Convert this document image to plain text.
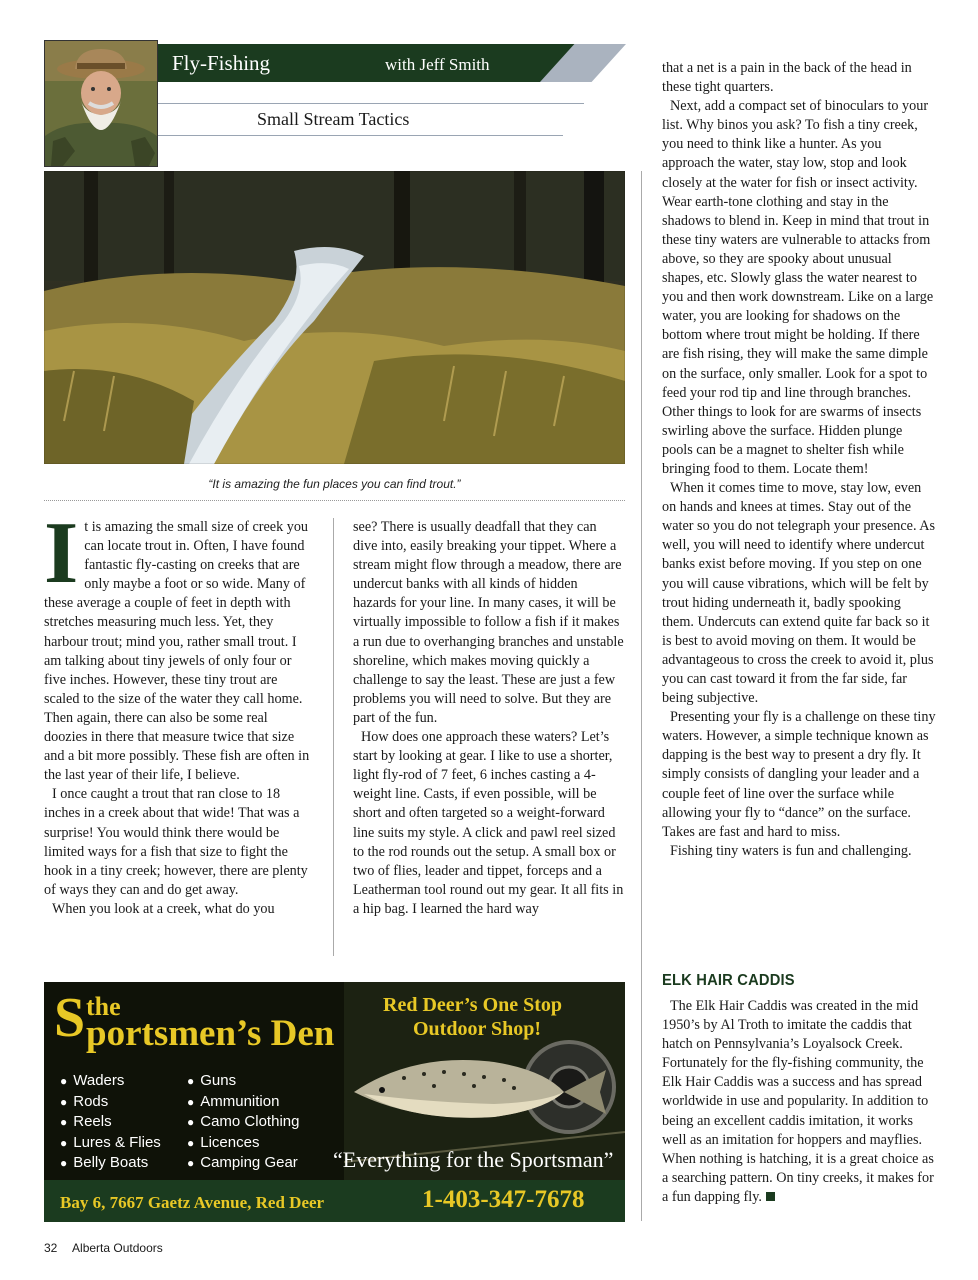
Fly-Fishing	with Jeff Smith
Small Stream Tactics
“It is amazing the fun places you can find trout.”
I t is amazing the small size of creek you can locate trout in. Often, I have found fantastic fly-casting on creeks that are only maybe a foot or so wide. Many of these average a couple of feet in depth with stretches measuring much less. Yet, they harbour trout; mind you, rather small trout. I am talking about tiny jewels of only four or five inches. However, these tiny trout are scaled to the size of the water they call home. Then again, there can also be some real doozies in there that measure twice that size and a bit more possibly. These fish are often in the last year of their life, I believe.

I once caught a trout that ran close to 18 inches in a creek about that wide! That was a surprise! You would think there would be limited ways for a fish that size to fight the hook in a tiny creek; however, there are plenty of ways they can and do get away.

When you look at a creek, what do you

see? There is usually deadfall that they can dive into, easily breaking your tippet. Where a stream might flow through a meadow, there are undercut banks with all kinds of hidden hazards for your line. In many cases, it will be virtually impossible to follow a fish if it makes a run due to overhanging branches and unstable shoreline, which makes moving quickly a challenge to say the least. These are just a few problems you will need to solve. But they are part of the fun.

How does one approach these waters? Let’s start by looking at gear. I like to use a shorter, light fly-rod of 7 feet, 6 inches casting a 4-weight line. Casts, if even possible, will be short and often targeted so a weight-forward line suits my style. A click and pawl reel sized to the rod rounds out the setup. A small box or two of flies, leader and tippet, forceps and a Leatherman tool round out my gear. It all fits in a hip bag. I learned the hard way

that a net is a pain in the back of the head in these tight quarters.

Next, add a compact set of binoculars to your list. Why binos you ask? To fish a tiny creek, you need to think like a hunter. As you approach the water, stay low, stop and look closely at the water for fish or insect activity. Wear earth-tone clothing and stay in the shadows to blend in. Keep in mind that trout in these tiny waters are vulnerable to attacks from above, so they are spooky about unusual shapes, etc. Slowly glass the water nearest to you and then work downstream. Like on a large water, you are looking for shadows on the bottom where trout might be holding. If there are fish rising, they will make the same dimple on the surface, only smaller. Look for a spot to feed your rod tip and line through branches. Other things to look for are swarms of insects swirling above the surface. Hidden plunge pools can be a magnet to shelter fish while bringing food to them. Locate them!

When it comes time to move, stay low, even on hands and knees at times. Stay out of the water so you do not telegraph your presence. As well, you will need to identify where undercut banks exist before moving. If you step on one you will cause vibrations, which will be felt by trout hiding underneath it, badly spooking them. Undercuts can extend quite far back so it is best to avoid moving on them. It would be advantageous to cross the creek to avoid it, plus you can cast toward it from the far side, far being subjective.

Presenting your fly is a challenge on these tiny waters. However, a simple technique known as dapping is the best way to present a dry fly. It simply consists of dangling your leader and a couple feet of line over the surface while allowing your fly to “dance” on the surface. Takes are fast and hard to miss.

Fishing tiny waters is fun and challenging.

ELK HAIR CADDIS

The Elk Hair Caddis was created in the mid 1950’s by Al Troth to imitate the caddis that hatch on Pennsylvania’s Loyalsock Creek. Fortunately for the fly-fishing community, the Elk Hair Caddis was a success and has spread worldwide in use and popularity. In addition to being an excellent caddis imitation, it works well as an imitation for hoppers and mayflies. When nothing is hatching, it is a great choice as a searching pattern. On tiny creeks, it makes for a fun dapping fly.

S the
portsmen’s Den
Red Deer’s One Stop
Outdoor Shop!
● Waders
● Rods
● Reels
● Lures & Flies
● Belly Boats
● Guns
● Ammunition
● Camo Clothing
● Licences
● Camping Gear “Everything for the Sportsman”
Bay 6, 7667 Gaetz Avenue, Red Deer	1-403-347-7678
32 Alberta Outdoors
